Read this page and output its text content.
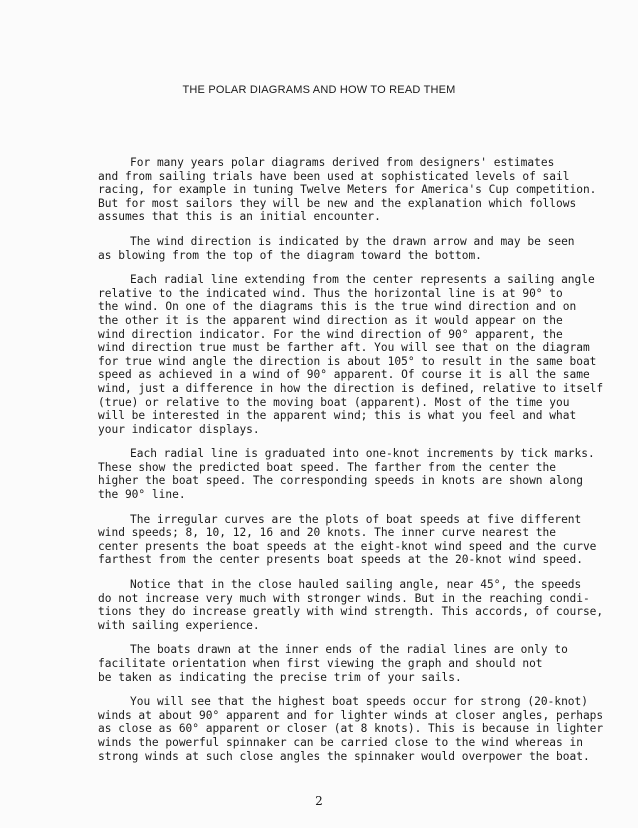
THE POLAR DIAGRAMS AND HOW TO READ THEM

For many years polar diagrams derived from designers' estimates
and from sailing trials have been used at sophisticated levels of sail
racing, for example in tuning Twelve Meters for America's Cup competition.
But for most sailors they will be new and the explanation which follows
assumes that this is an initial encounter.

The wind direction is indicated by the drawn arrow and may be seen
as blowing from the top of the diagram toward the bottom.

Each radial line extending from the center represents a sailing angle
relative to the indicated wind. Thus the horizontal line is at 90° to
the wind. On one of the diagrams this is the true wind direction and on
the other it is the apparent wind direction as it would appear on the
wind direction indicator. For the wind direction of 90° apparent, the
wind direction true must be farther aft. You will see that on the diagram
for true wind angle the direction is about 105° to result in the same boat
speed as achieved in a wind of 90° apparent. Of course it is all the same
wind, just a difference in how the direction is defined, relative to itself
(true) or relative to the moving boat (apparent). Most of the time you
will be interested in the apparent wind; this is what you feel and what
your indicator displays.

Each radial line is graduated into one-knot increments by tick marks.
These show the predicted boat speed. The farther from the center the
higher the boat speed. The corresponding speeds in knots are shown along
the 90° line.

The irregular curves are the plots of boat speeds at five different
wind speeds; 8, 10, 12, 16 and 20 knots. The inner curve nearest the
center presents the boat speeds at the eight-knot wind speed and the curve
farthest from the center presents boat speeds at the 20-knot wind speed.

Notice that in the close hauled sailing angle, near 45°, the speeds
do not increase very much with stronger winds. But in the reaching condi-
tions they do increase greatly with wind strength. This accords, of course,
with sailing experience.

The boats drawn at the inner ends of the radial lines are only to
facilitate orientation when first viewing the graph and should not
be taken as indicating the precise trim of your sails.

You will see that the highest boat speeds occur for strong (20-knot)
winds at about 90° apparent and for lighter winds at closer angles, perhaps
as close as 60° apparent or closer (at 8 knots). This is because in lighter
winds the powerful spinnaker can be carried close to the wind whereas in
strong winds at such close angles the spinnaker would overpower the boat.

2
